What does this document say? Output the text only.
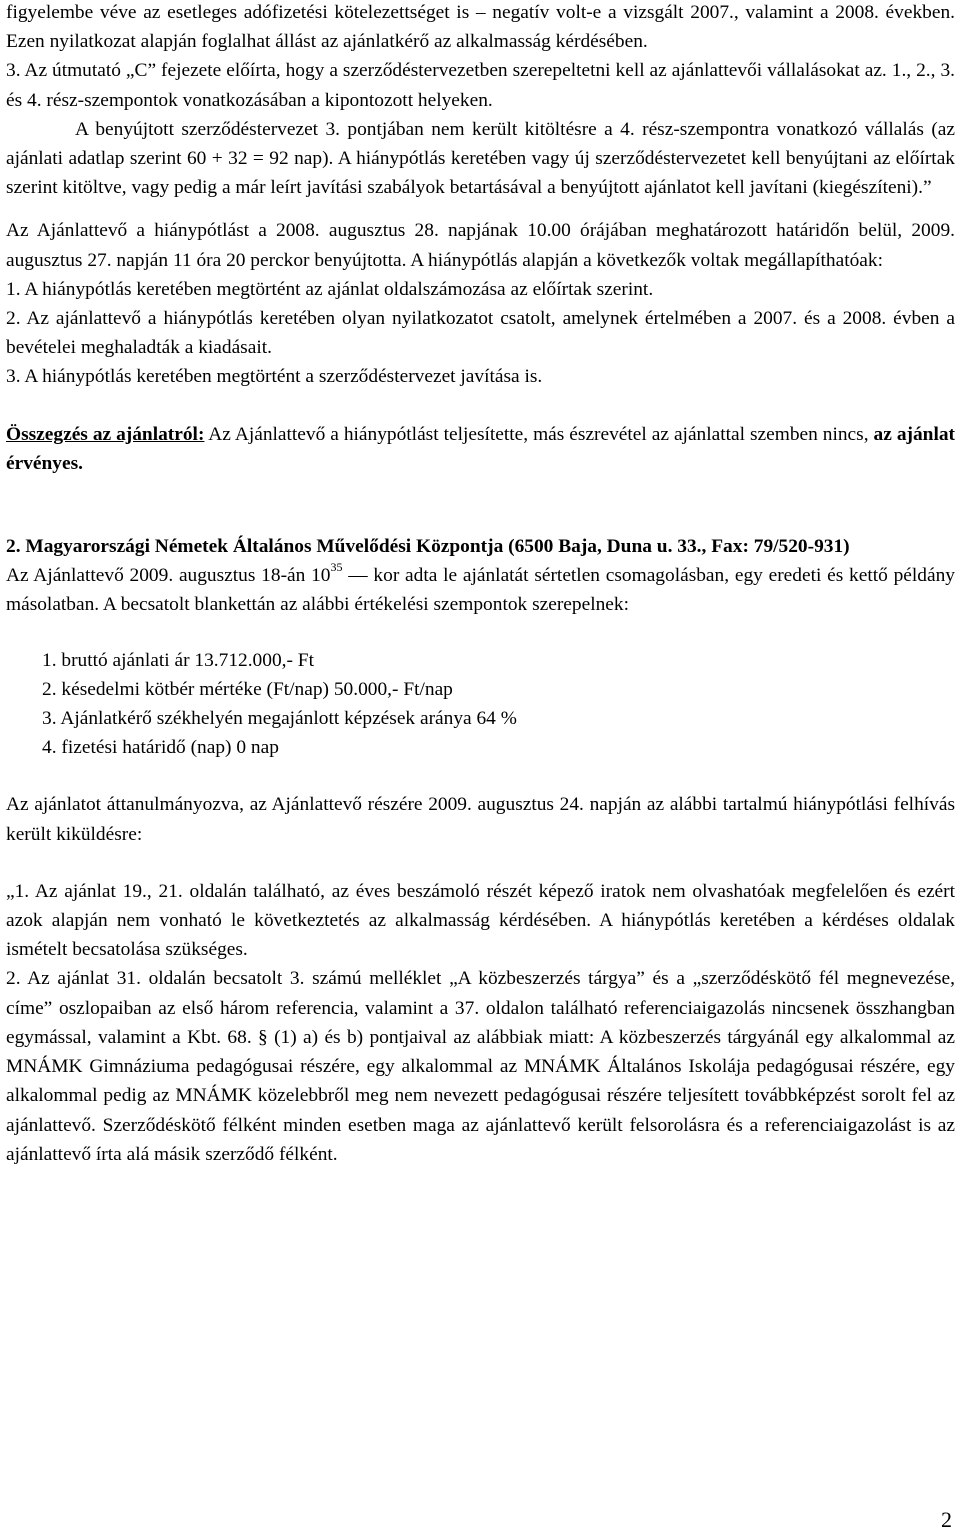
figyelembe véve az esetleges adófizetési kötelezettséget is – negatív volt-e a vizsgált 2007., valamint a 2008. években. Ezen nyilatkozat alapján foglalhat állást az ajánlatkérő az alkalmasság kérdésében.

3. Az útmutató „C” fejezete előírta, hogy a szerződéstervezetben szerepeltetni kell az ajánlattevői vállalásokat az. 1., 2., 3. és 4. rész-szempontok vonatkozásában a kipontozott helyeken.

A benyújtott szerződéstervezet 3. pontjában nem került kitöltésre a 4. rész-szempontra vonatkozó vállalás (az ajánlati adatlap szerint 60 + 32 = 92 nap). A hiánypótlás keretében vagy új szerződéstervezetet kell benyújtani az előírtak szerint kitöltve, vagy pedig a már leírt javítási szabályok betartásával a benyújtott ajánlatot kell javítani (kiegészíteni).”

Az Ajánlattevő a hiánypótlást a 2008. augusztus 28. napjának 10.00 órájában meghatározott határidőn belül, 2009. augusztus 27. napján 11 óra 20 perckor benyújtotta. A hiánypótlás alapján a következők voltak megállapíthatóak:

1. A hiánypótlás keretében megtörtént az ajánlat oldalszámozása az előírtak szerint.

2. Az ajánlattevő a hiánypótlás keretében olyan nyilatkozatot csatolt, amelynek értelmében a 2007. és a 2008. évben a bevételei meghaladták a kiadásait.

3. A hiánypótlás keretében megtörtént a szerződéstervezet javítása is.

Összegzés az ajánlatról: Az Ajánlattevő a hiánypótlást teljesítette, más észrevétel az ajánlattal szemben nincs, az ajánlat érvényes.

2. Magyarországi Németek Általános Művelődési Központja (6500 Baja, Duna u. 33., Fax: 79/520-931)

Az Ajánlattevő 2009. augusztus 18-án $10^{35}$ — kor adta le ajánlatát sértetlen csomagolásban, egy eredeti és kettő példány másolatban. A becsatolt blankettán az alábbi értékelési szempontok szerepelnek:

1. bruttó ajánlati ár 13.712.000,- Ft

2. késedelmi kötbér mértéke (Ft/nap) 50.000,- Ft/nap

3. Ajánlatkérő székhelyén megajánlott képzések aránya 64 %

4. fizetési határidő (nap) 0 nap

Az ajánlatot áttanulmányozva, az Ajánlattevő részére 2009. augusztus 24. napján az alábbi tartalmú hiánypótlási felhívás került kiküldésre:

„1. Az ajánlat 19., 21. oldalán található, az éves beszámoló részét képező iratok nem olvashatóak megfelelően és ezért azok alapján nem vonható le következtetés az alkalmasság kérdésében. A hiánypótlás keretében a kérdéses oldalak ismételt becsatolása szükséges.

2. Az ajánlat 31. oldalán becsatolt 3. számú melléklet „A közbeszerzés tárgya” és a „szerződéskötő fél megnevezése, címe” oszlopaiban az első három referencia, valamint a 37. oldalon található referenciaigazolás nincsenek összhangban egymással, valamint a Kbt. 68. § (1) a) és b) pontjaival az alábbiak miatt: A közbeszerzés tárgyánál egy alkalommal az MNÁMK Gimnáziuma pedagógusai részére, egy alkalommal az MNÁMK Általános Iskolája pedagógusai részére, egy alkalommal pedig az MNÁMK közelebbről meg nem nevezett pedagógusai részére teljesített továbbképzést sorolt fel az ajánlattevő. Szerződéskötő félként minden esetben maga az ajánlattevő került felsorolásra és a referenciaigazolást is az ajánlattevő írta alá másik szerződő félként.

2
